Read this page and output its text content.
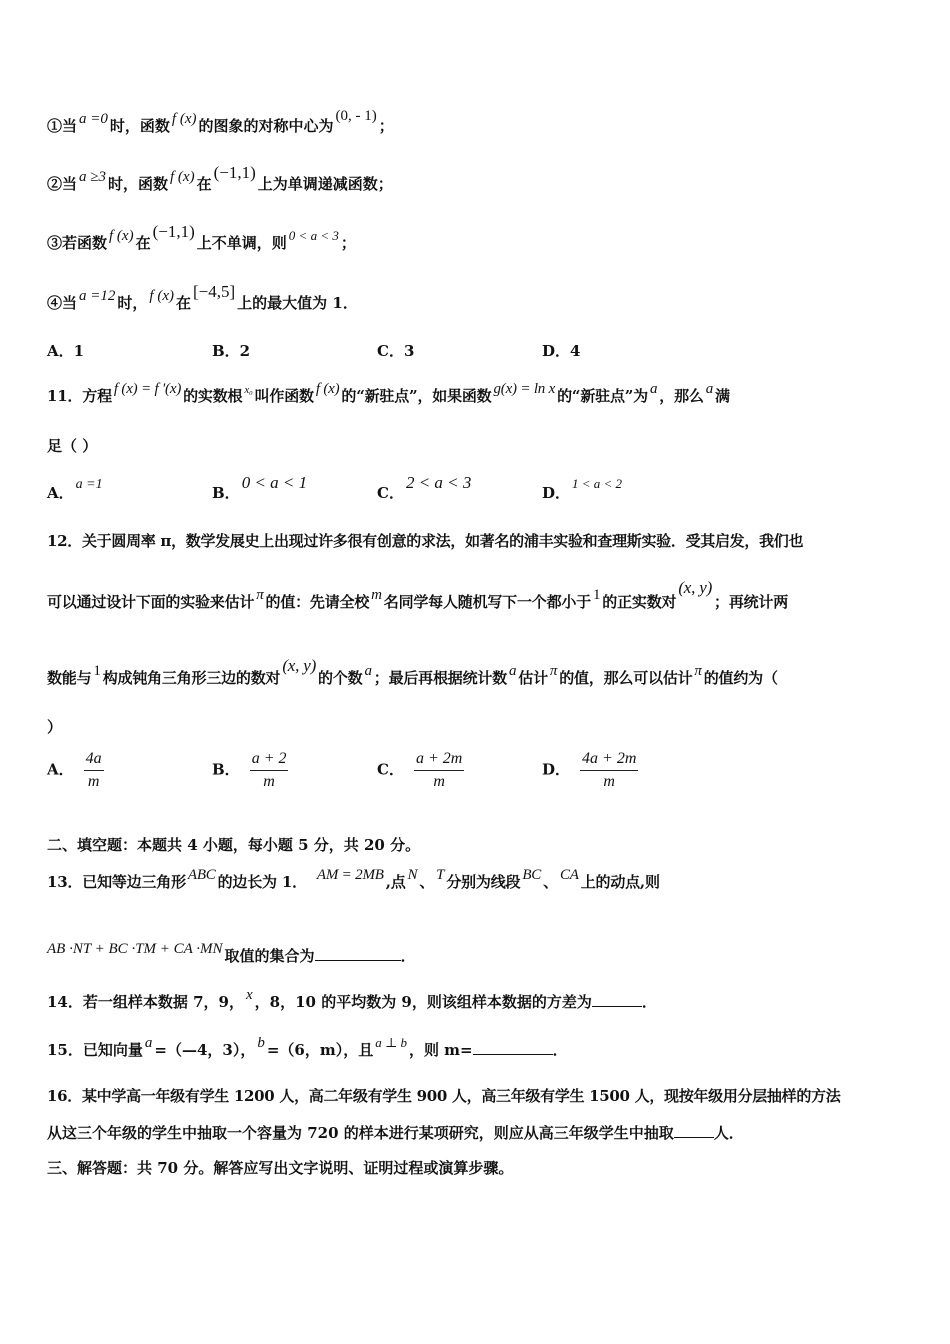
①当 a =0 时，函数 f (x) 的图象的对称中心为(0, - 1)；
②当 a ≥3 时，函数 f (x) 在(−1,1)上为单调递减函数；
③若函数 f (x) 在(−1,1)上不单调，则 0 < a < 3 ；
④当 a =12 时， f (x) 在[−4,5]上的最大值为 1．
A．1	B．2	C．3	D．4
11．方程 f (x) = f ′(x) 的实数根 $^{x_0}$ 叫作函数 f (x) 的“新驻点”，如果函数 g(x) = ln x 的“新驻点”为 a ，那么 a 满
足（ ）
A． a =1	B．0 < a < 1
C．2 < a < 3
D．1 < a < 2
12．关于圆周率 π，数学发展史上出现过许多很有创意的求法，如著名的浦丰实验和查理斯实验．受其启发，我们也
可以通过设计下面的实验来估计 π 的值：先请全校 m 名同学每人随机写下一个都小于 1 的正实数对(x, y)；再统计两
数能与 1 构成钝角三角形三边的数对(x, y)的个数 a ；最后再根据统计数 a 估计 π 的值，那么可以估计 π 的值约为（
）
A． $\frac{4a}{m}$	B． $\frac{a + 2}{m}$	C． $\frac{a + 2m}{m}$	D． $\frac{4a + 2m}{m}$
二、填空题：本题共 4 小题，每小题 5 分，共 20 分。
13．已知等边三角形 ABC 的边长为 1． AM = 2MB ,点 N 、 T 分别为线段 BC 、 CA 上的动点,则
AB ·NT + BC ·TM + CA ·MN 取值的集合为	．
14．若一组样本数据 7，9， x ，8，10 的平均数为 9，则该组样本数据的方差为	．
15．已知向量 a =（—4，3）， b =（6，m），且 a ⊥ b ，则 m=	．
16．某中学高一年级有学生 1200 人，高二年级有学生 900 人，高三年级有学生 1500 人，现按年级用分层抽样的方法
从这三个年级的学生中抽取一个容量为 720 的样本进行某项研究，则应从高三年级学生中抽取	人．
三、解答题：共 70 分。解答应写出文字说明、证明过程或演算步骤。
